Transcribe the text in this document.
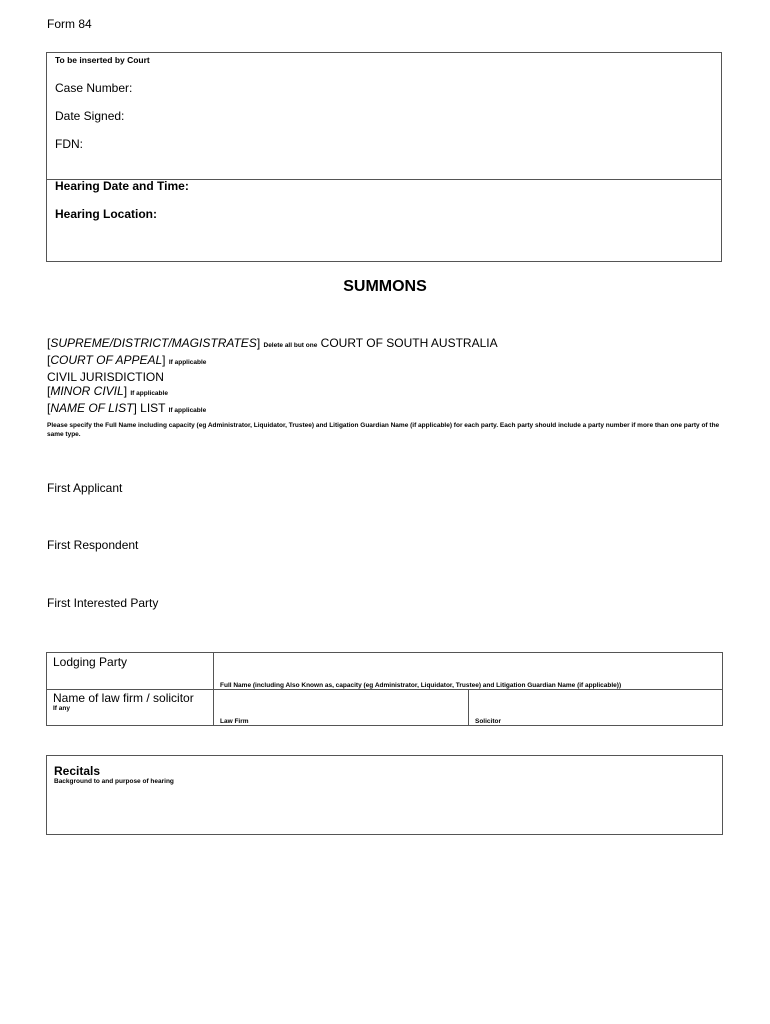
Form 84
To be inserted by Court
Case Number:
Date Signed:
FDN:
Hearing Date and Time:
Hearing Location:
SUMMONS
[SUPREME/DISTRICT/MAGISTRATES] Delete all but one COURT OF SOUTH AUSTRALIA
[COURT OF APPEAL] If applicable
CIVIL JURISDICTION
[MINOR CIVIL] If applicable
[NAME OF LIST] LIST If applicable
Please specify the Full Name including capacity (eg Administrator, Liquidator, Trustee) and Litigation Guardian Name (if applicable) for each party. Each party should include a party number if more than one party of the same type.
First Applicant
First Respondent
First Interested Party
Lodging Party
Full Name (including Also Known as, capacity (eg Administrator, Liquidator, Trustee) and Litigation Guardian Name (if applicable))
Name of law firm / solicitor
If any
Law Firm	Solicitor
Recitals
Background to and purpose of hearing
